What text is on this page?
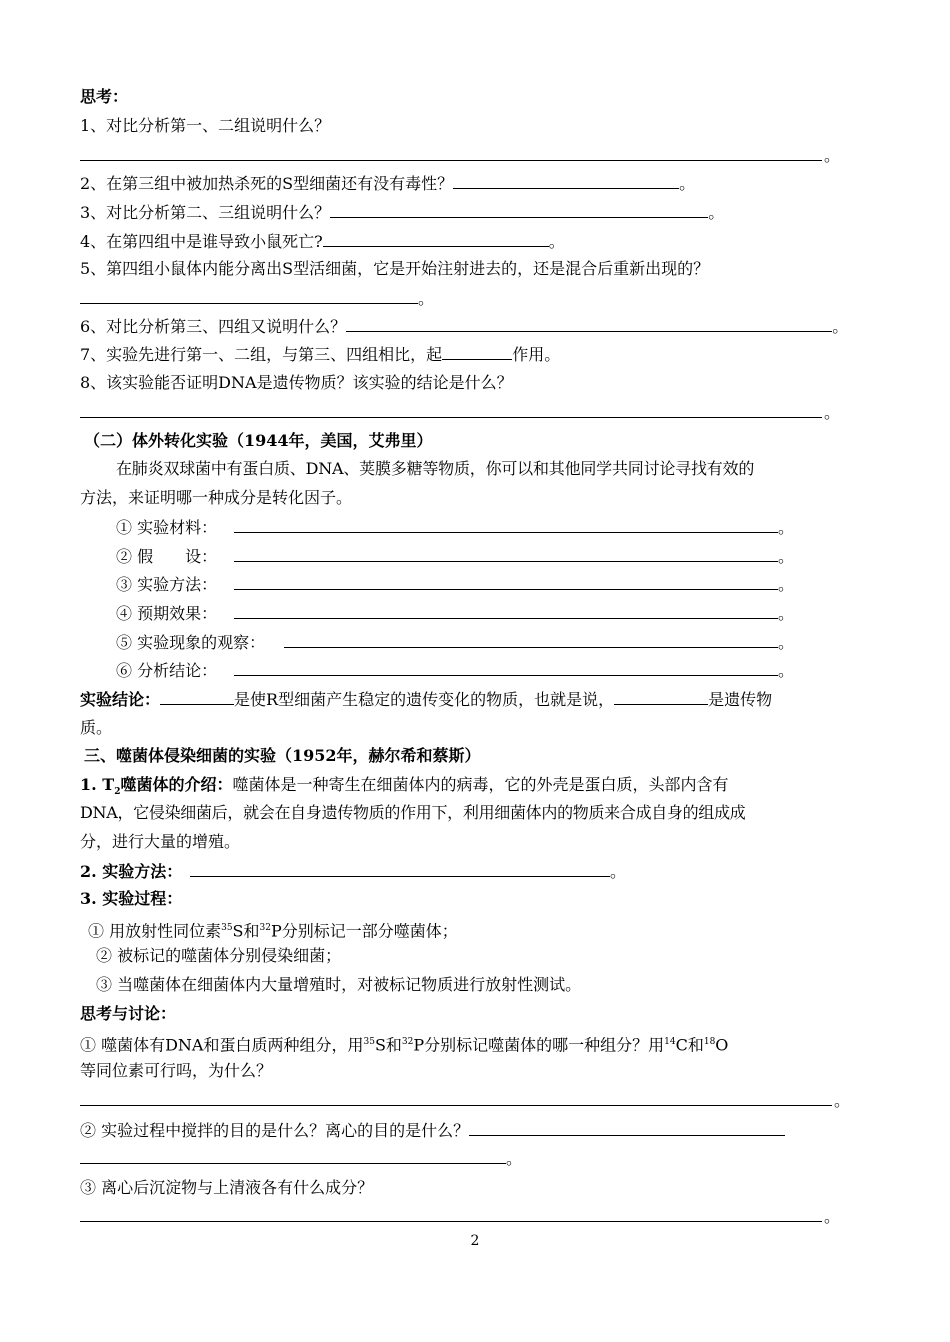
思考：
1、对比分析第一、二组说明什么？
。
2、在第三组中被加热杀死的S型细菌还有没有毒性？	。
3、对比分析第二、三组说明什么？	。
4、在第四组中是谁导致小鼠死亡?	。
5、第四组小鼠体内能分离出S型活细菌，它是开始注射进去的，还是混合后重新出现的？
。
6、对比分析第三、四组又说明什么？	。
7、实验先进行第一、二组，与第三、四组相比，起	作用。
8、该实验能否证明DNA是遗传物质？该实验的结论是什么？
。
（二）体外转化实验（1944年，美国，艾弗里）
在肺炎双球菌中有蛋白质、DNA、荚膜多糖等物质，你可以和其他同学共同讨论寻找有效的
方法，来证明哪一种成分是转化因子。
① 实验材料：	。
② 假　　设：	。
③ 实验方法：	。
④ 预期效果：	。
⑤ 实验现象的观察：	。
⑥ 分析结论：	。
实验结论：	是使R型细菌产生稳定的遗传变化的物质，也就是说，	是遗传物
质。
三、噬菌体侵染细菌的实验（1952年，赫尔希和蔡斯）
1. $T_2$噬菌体的介绍：噬菌体是一种寄生在细菌体内的病毒，它的外壳是蛋白质，头部内含有
DNA，它侵染细菌后，就会在自身遗传物质的作用下，利用细菌体内的物质来合成自身的组成成
分，进行大量的增殖。
2. 实验方法：	。
3. 实验过程：
① 用放射性同位素$^{35}$S和$^{32}$P分别标记一部分噬菌体；
② 被标记的噬菌体分别侵染细菌；
③ 当噬菌体在细菌体内大量增殖时，对被标记物质进行放射性测试。
思考与讨论：
① 噬菌体有DNA和蛋白质两种组分，用$^{35}$S和$^{32}$P分别标记噬菌体的哪一种组分？用$^{14}$C和$^{18}$O
等同位素可行吗，为什么？
。
② 实验过程中搅拌的目的是什么？离心的目的是什么？
。
③ 离心后沉淀物与上清液各有什么成分？
。
2
